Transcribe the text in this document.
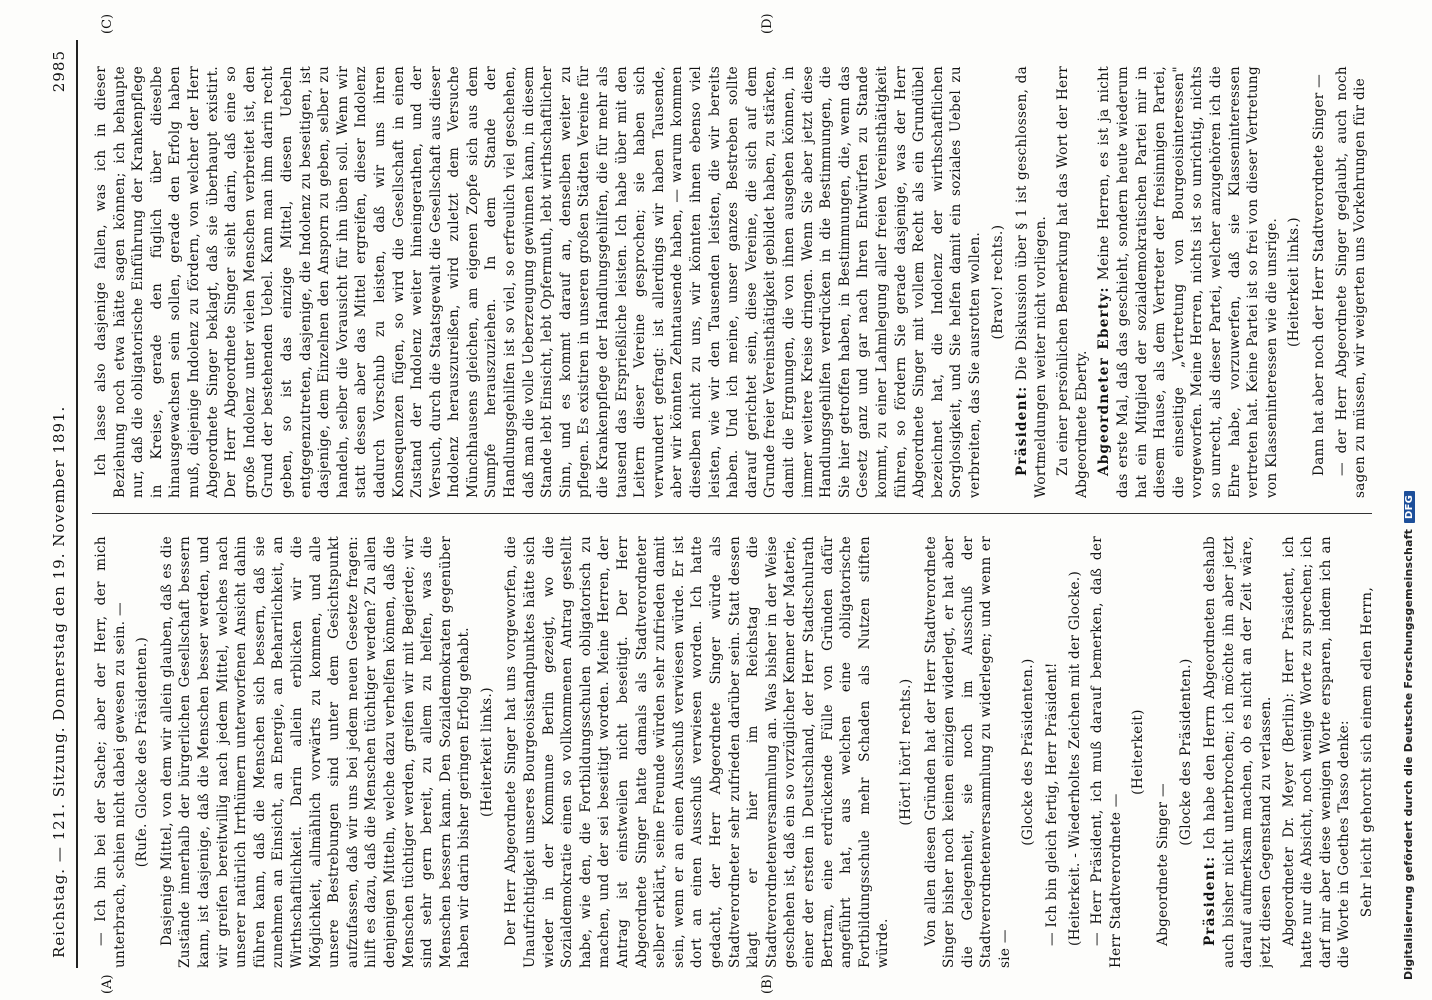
Reichstag. — 121. Sitzung. Donnerstag den 19. November 1891.
2985
(A)	(B)
(C)	(D)

— Ich bin bei der Sache; aber der Herr, der mich unterbrach, schien nicht dabei gewesen zu sein. — (Rufe. Glocke des Präsidenten.) Dasjenige Mittel, von dem wir allein glauben, daß es die Zustände innerhalb der bürgerlichen Gesellschaft bessern kann, ist dasjenige, daß die Menschen besser werden, und wir greifen bereitwillig nach jedem Mittel, welches nach unserer natürlich Irrthümern unterworfenen Ansicht dahin führen kann, daß die Menschen sich bessern, daß sie zunehmen an Einsicht, an Energie, an Beharrlichkeit, an Wirthschaftlichkeit. Darin allein erblicken wir die Möglichkeit, allmählich vorwärts zu kommen, und alle unsere Bestrebungen sind unter dem Gesichtspunkt aufzufassen, daß wir uns bei jedem neuen Gesetze fragen: hilft es dazu, daß die Menschen tüchtiger werden? Zu allen denjenigen Mitteln, welche dazu verhelfen können, daß die Menschen tüchtiger werden, greifen wir mit Begierde; wir sind sehr gern bereit, zu allem zu helfen, was die Menschen bessern kann. Den Sozialdemokraten gegenüber haben wir darin bisher geringen Erfolg gehabt. (Heiterkeit links.) Der Herr Abgeordnete Singer hat uns vorgeworfen, die Unaufrichtigkeit unseres Bourgeoisstandpunktes hätte sich wieder in der Kommune Berlin gezeigt, wo die Sozialdemokratie einen so vollkommenen Antrag gestellt habe, wie den, die Fortbildungsschulen obligatorisch zu machen, und der sei beseitigt worden. Meine Herren, der Antrag ist einstweilen nicht beseitigt. Der Herr Abgeordnete Singer hatte damals als Stadtverordneter selber erklärt, seine Freunde würden sehr zufrieden damit sein, wenn er an einen Ausschuß verwiesen würde. Er ist dort an einen Ausschuß verwiesen worden. Ich hatte gedacht, der Herr Abgeordnete Singer würde als Stadtverordneter sehr zufrieden darüber sein. Statt dessen klagt er hier im Reichstag die Stadtverordnetenversammlung an. Was bisher in der Weise geschehen ist, daß ein so vorzüglicher Kenner der Materie, einer der ersten in Deutschland, der Herr Stadtschulrath Bertram, eine erdrückende Fülle von Gründen dafür angeführt hat, aus welchen eine obligatorische Fortbildungsschule mehr Schaden als Nutzen stiften würde.

(Hört! hört! rechts.) Von allen diesen Gründen hat der Herr Stadtverordnete Singer bisher noch keinen einzigen widerlegt, er hat aber die Gelegenheit, sie noch im Ausschuß der Stadtverordnetenversammlung zu widerlegen; und wenn er sie —

(Glocke des Präsidenten.) — Ich bin gleich fertig, Herr Präsident! (Heiterkeit. - Wiederholtes Zeichen mit der Glocke.) — Herr Präsident, ich muß darauf bemerken, daß der Herr Stadtverordnete —

(Heiterkeit)

Abgeordnete Singer —

(Glocke des Präsidenten.)

Präsident: Ich habe den Herrn Abgeordneten deshalb auch bisher nicht unterbrochen; ich möchte ihn aber jetzt darauf aufmerksam machen, ob es nicht an der Zeit wäre, jetzt diesen Gegenstand zu verlassen. Abgeordneter Dr. Meyer (Berlin): Herr Präsident, ich hatte nur die Absicht, noch wenige Worte zu sprechen; ich darf mir aber diese wenigen Worte ersparen, indem ich an die Worte in Goethes Tasso denke: Sehr leicht gehorcht sich einem edlen Herrn,

Ich lasse also dasjenige fallen, was ich in dieser Beziehung noch etwa hätte sagen können; ich behaupte nur, daß die obligatorische Einführung der Krankenpflege in Kreise, gerade den füglich über dieselbe hinausgewachsen sein sollen, gerade den Erfolg haben muß, diejenige Indolenz zu fördern, von welcher der Herr Abgeordnete Singer beklagt, daß sie überhaupt existirt. Der Herr Abgeordnete Singer sieht darin, daß eine so große Indolenz unter vielen Menschen verbreitet ist, den Grund der bestehenden Uebel. Kann man ihm darin recht geben, so ist das einzige Mittel, diesen Uebeln entgegenzutreten, dasjenige, die Indolenz zu beseitigen, ist dasjenige, dem Einzelnen den Ansporn zu geben, selber zu handeln, selber die Vorausicht für ihn üben soll. Wenn wir statt dessen aber das Mittel ergreifen, dieser Indolenz dadurch Vorschub zu leisten, daß wir uns ihren Konsequenzen fügen, so wird die Gesellschaft in einen Zustand der Indolenz weiter hineingerathen, und der Versuch, durch die Staatsgewalt die Gesellschaft aus dieser Indolenz herauszureißen, wird zuletzt dem Versuche Münchhausens gleichen, am eigenen Zopfe sich aus dem Sumpfe herauszuziehen. In dem Stande der Handlungsgehilfen ist so viel, so erfreulich viel geschehen, daß man die volle Ueberzeugung gewinnen kann, in diesem Stande lebt Einsicht, lebt Opfermuth, lebt wirthschaftlicher Sinn, und es kommt darauf an, denselben weiter zu pflegen. Es existiren in unseren großen Städten Vereine für die Krankenpflege der Handlungsgehilfen, die für mehr als tausend das Ersprießliche leisten. Ich habe über mit den Leitern dieser Vereine gesprochen; sie haben sich verwundert gefragt: ist allerdings wir haben Tausende, aber wir könnten Zehntausende haben, — warum kommen dieselben nicht zu uns, wir könnten ihnen ebenso viel leisten, wie wir den Tausenden leisten, die wir bereits haben. Und ich meine, unser ganzes Bestreben sollte darauf gerichtet sein, diese Vereine, die sich auf dem Grunde freier Vereinsthätigkeit gebildet haben, zu stärken, damit die Ergnungen, die von ihnen ausgehen können, in immer weitere Kreise dringen. Wenn Sie aber jetzt diese Handlungsgehilfen verdrücken in die Bestimmungen, die Sie hier getroffen haben, in Bestimmungen, die, wenn das Gesetz ganz und gar nach Ihren Entwürfen zu Stande kommt, zu einer Lahmlegung aller freien Vereinsthätigkeit führen, so fördern Sie gerade dasjenige, was der Herr Abgeordnete Singer mit vollem Recht als ein Grundübel bezeichnet hat, die Indolenz der wirthschaftlichen Sorglosigkeit, und Sie helfen damit ein soziales Uebel zu verbreiten, das Sie ausrotten wollen. (Bravo! rechts.)

Präsident: Die Diskussion über § 1 ist geschlossen, da Wortmeldungen weiter nicht vorliegen. Zu einer persönlichen Bemerkung hat das Wort der Herr Abgeordnete Eberty. Abgeordneter Eberty: Meine Herren, es ist ja nicht das erste Mal, daß das geschieht, sondern heute wiederum hat ein Mitglied der sozialdemokratischen Partei mir in diesem Hause, als dem Vertreter der freisinnigen Partei, die einseitige „Vertretung von Bourgeoisinteressen" vorgeworfen. Meine Herren, nichts ist so unrichtig, nichts so unrecht, als dieser Partei, welcher anzugehören ich die Ehre habe, vorzuwerfen, daß sie Klasseninteressen vertreten hat. Keine Partei ist so frei von dieser Vertretung von Klasseninteressen wie die unsrige. (Heiterkeit links.) Dann hat aber noch der Herr Stadtverordnete Singer — — der Herr Abgeordnete Singer geglaubt, auch noch sagen zu müssen, wir weigerten uns Vorkehrungen für die

Digitalisierung gefördert durch die Deutsche ForschungsgemeinschaftDFG
